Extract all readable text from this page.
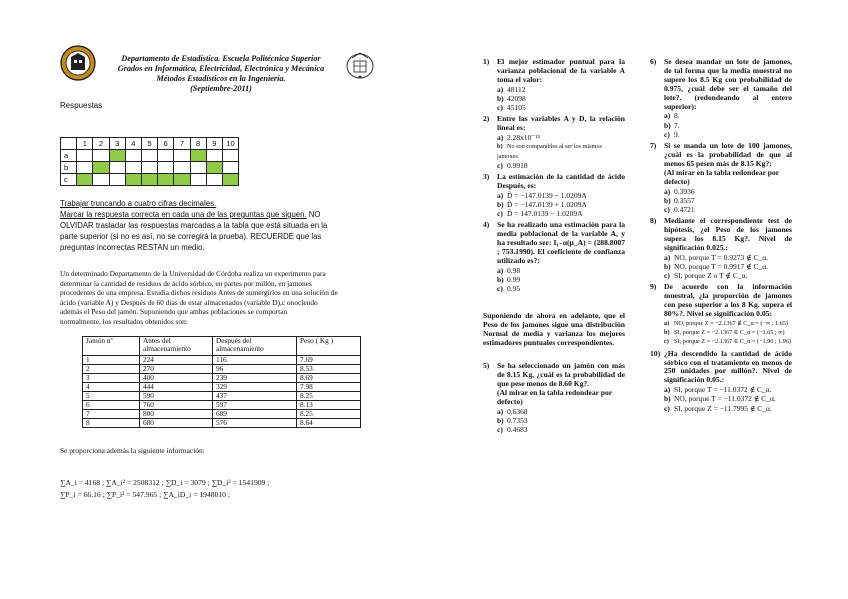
Departamento de Estadística. Escuela Politécnica Superior
Grados en Informática, Electricidad, Electrónica y Mecánica
Métodos Estadísticos en la Ingeniería.
(Septiembre-2011)
Respuestas
	1	2	3	4	5	6	7	8	9	10
a										
b										
c										
Trabajar truncando a cuatro cifras decimales.
Marcar la respuesta correcta en cada una de las preguntas que siguen. NO
OLVIDAR trasladar las respuestas marcadas a la tabla que está situada en la
parte superior (si no es así, no se corregirá la prueba). RECUERDE que las
preguntas incorrectas RESTAN un medio.
Un determinado Departamento de la Universidad de Córdoba realiza un experimento para
determinar la cantidad de residuos de ácido sórbico, en partes por millón, en jamones
procedentes de una empresa. Estudia dichos residuos Antes de sumergirlos en una solución de
ácido (variable A) y Después de 60 días de estar almacenados (variable D),c onociendo
además el Peso del jamón. Suponiendo que ambas poblaciones se comportan
normalmente, los resultados obtenidos son:
Jamón nº	Antes del almacenamiento	Después del almacenamiento	Peso ( Kg )
1	224	116	7.69
2	270	96	8.53
3	400	239	8.69
4	444	329	7.98
5	590	437	8.25
6	760	597	8.13
7	800	689	8.25
8	680	576	8.64
Se proporciona además la siguiente información:
∑A_i = 4168 ; ∑A_i² = 2508312 ; ∑D_i = 3079 ; ∑D_i² = 1541909 ;
∑P_i = 66.16 ; ∑P_i² = 547.965 ; ∑A_iD_i = 1948010 ;
1)	El mejor estimador puntual para la varianza poblacional de la variable A toma el valor:
a) 48112
b) 42098
c) 45105
2)	Entre las variables A y D, la relación lineal es:
a) 2.28x10⁻¹⁵
b) No son comparables al ser los mismos jamones.
c) 0.9918
3)	La estimación de la cantidad de ácido Después, es:
a) D̂ = −147.0139 − 1.0209A
b) D̂ = −147.0139 + 1.0209A
c) D̂ = 147.0139 − 1.0209A
4)	Se ha realizado una estimación para la media poblacional de la variable A, y ha resultado ser: I₁₋α(μ_A) = (288.8007 ; 753.1990). El coeficiente de confianza utilizado es?:
a) 0.98
b) 0.99
c) 0.95
Suponiendo de ahora en adelante, que el Peso de los jamones sigue una distribución Normal de media y varianza los mejores estimadores puntuales correspondientes.
5)	Se ha seleccionado un jamón con más de 8.15 Kg, ¿cuál es la probabilidad de que pese menos de 8.60 Kg?.
(Al mirar en la tabla redondear por defecto)
a) 0.6368
b) 0.7353
c) 0.4683
6)	Se desea mandar un lote de jamones, de tal forma que la media muestral no supere los 8.5 Kg con probabilidad de 0.975, ¿cuál debe ser el tamaño del lote?. (redondeando al entero superior):
a) 8.
b) 7.
c) 9.
7)	Si se manda un lote de 100 jamones, ¿cuál es la probabilidad de que al menos 65 pesen más de 8.15 Kg?:
(Al mirar en la tabla redondear por defecto)
a) 0.3936
b) 0.3557
c) 0.4721
8)	Mediante el correspondiente test de hipótesis, ¿el Peso de los jamones supera los 8.15 Kg?. Nivel de significación 0.025.:
a) NO, porque T = 0.9273 ∉ C_α.
b) NO, porque T = 0.9917 ∉ C_α.
c) SI, porque Z o T ∉ C_α.
9)	De acuerdo con la información muestral, ¿la proporción de jamones con peso superior a los 8 Kg. supera el 80%?. Nivel se significación 0.05:
a) NO, porque Z = −2.1367 ∉ C_α = (−∞ ; 1.65)
b) SI, porque Z = −2.1367 ∈ C_α = (−1.65 ; ∞)
c) SI, porque Z = −2.1367 ∈ C_α = (−1.96 ; 1.96)
10) ¿Ha descendido la cantidad de ácido sórbico con el tratamiento en menos de 250 unidades por millón?. Nivel de significación 0.05.:
a) SI, porque T = −11.0372 ∉ C_α.
b) NO, porque T = −11.0372 ∉ C_α.
c) SI, porque Z = −11.7995 ∉ C_α.
